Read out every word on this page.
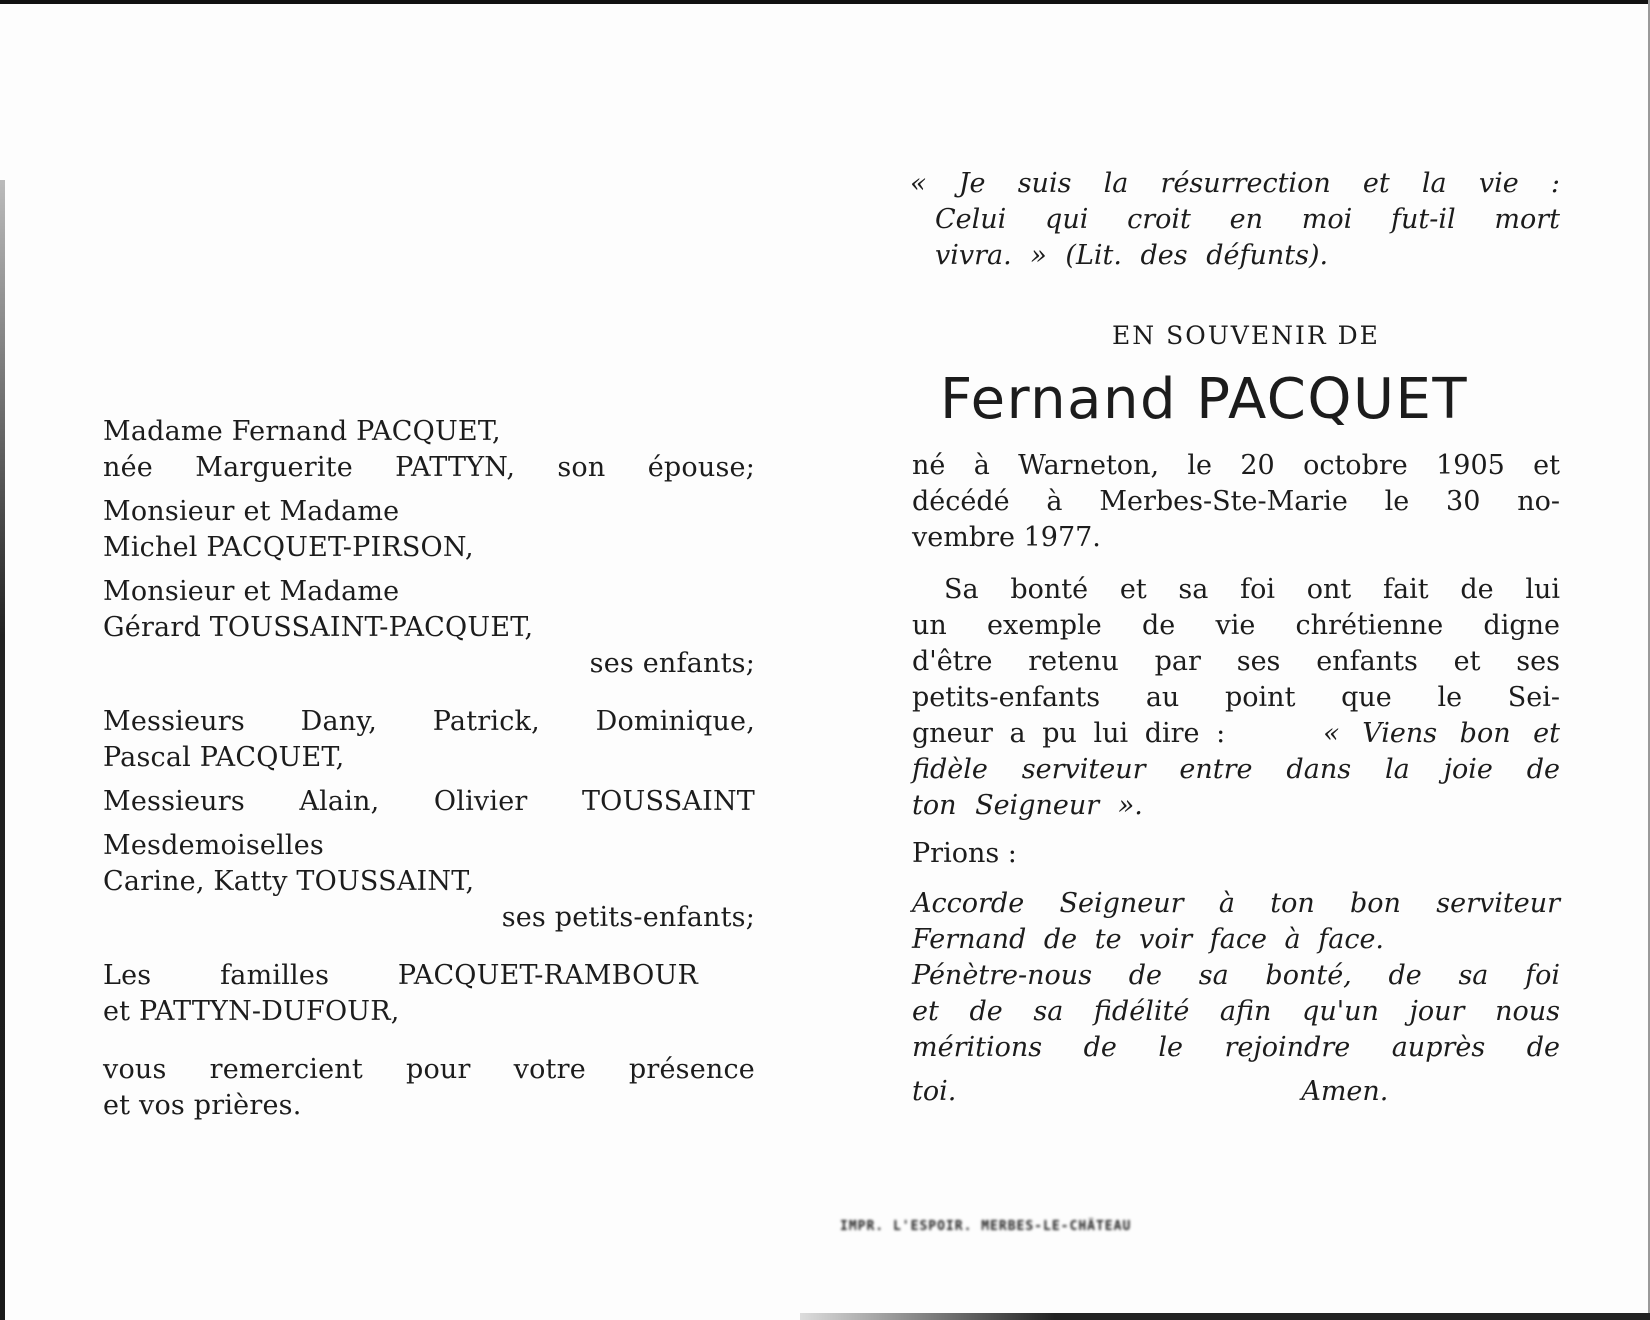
Madame Fernand PACQUET,
née Marguerite PATTYN, son épouse;
Monsieur et Madame
Michel PACQUET-PIRSON,
Monsieur et Madame
Gérard TOUSSAINT-PACQUET,
ses enfants;
Messieurs Dany, Patrick, Dominique,
Pascal PACQUET,
Messieurs Alain, Olivier TOUSSAINT
Mesdemoiselles
Carine, Katty TOUSSAINT,
ses petits-enfants;
Les familles PACQUET-RAMBOUR
et PATTYN-DUFOUR,
vous remercient pour votre présence
et vos prières.
« Je suis la résurrection et la vie :
Celui qui croit en moi fut-il mort
vivra. » (Lit. des défunts).
EN SOUVENIR DE
Fernand PACQUET
né à Warneton, le 20 octobre 1905 et
décédé à Merbes-Ste-Marie le 30 no-
vembre 1977.
Sa bonté et sa foi ont fait de lui
un exemple de vie chrétienne digne
d'être retenu par ses enfants et ses
petits-enfants au point que le Sei-
gneur a pu lui dire :	« Viens bon et
fidèle serviteur entre dans la joie de
ton Seigneur ».
Prions :
Accorde Seigneur à ton bon serviteur
Fernand de te voir face à face.
Pénètre-nous de sa bonté, de sa foi
et de sa fidélité afin qu'un jour nous
méritions de le rejoindre auprès de
toi.	Amen.
IMPR. L'ESPOIR. MERBES-LE-CHÂTEAU
